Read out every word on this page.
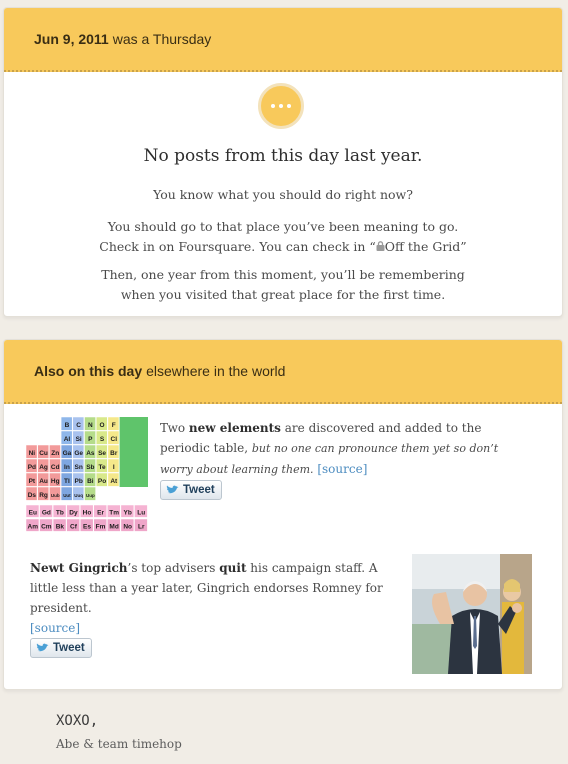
Jun 9, 2011 was a Thursday
No posts from this day last year.
You know what you should do right now?
You should go to that place you’ve been meaning to go.
Check in on Foursquare. You can check in “ Off the Grid”
Then, one year from this moment, you’ll be remembering
when you visited that great place for the first time.
Also on this day elsewhere in the world
B C N O F
Al Si P S Cl
Ni Cu Zn Ga Ge As Se Br
Pd Ag Cd In Sn Sb Te I
Pt Au Hg Tl Pb Bi Po At
Ds Rg Uub Uut Uuq Uup
Eu Gd Tb Dy Ho Er Tm Yb Lu
Am Cm Bk Cf Es Fm Md No Lr
Two new elements are discovered and added to the periodic table, but no one can pronounce them yet so don’t worry about learning them. [source]

Tweet
Newt Gingrich’s top advisers quit his campaign staff. A little less than a year later, Gingrich endorses Romney for president.
[source]

Tweet
XOXO,
Abe & team timehop
